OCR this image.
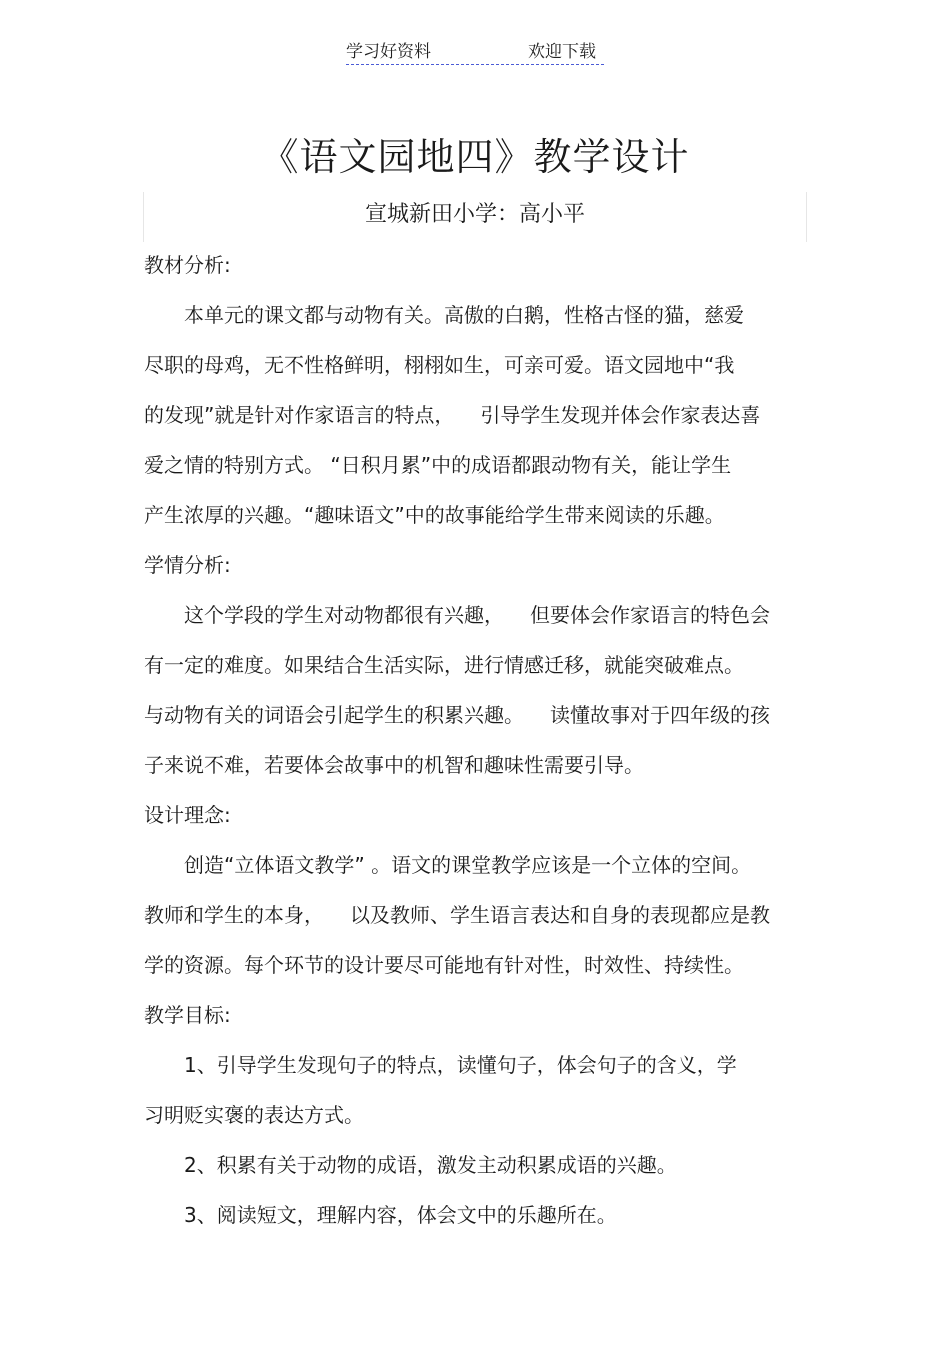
学习好资料	欢迎下载
《语文园地四》教学设计
宣城新田小学：高小平

教材分析:

本单元的课文都与动物有关。高傲的白鹅，性格古怪的猫，慈爱

尽职的母鸡，无不性格鲜明，栩栩如生，可亲可爱。语文园地中“我

的发现”就是针对作家语言的特点， 引导学生发现并体会作家表达喜

爱之情的特别方式。 “日积月累”中的成语都跟动物有关，能让学生

产生浓厚的兴趣。“趣味语文”中的故事能给学生带来阅读的乐趣。

学情分析:

这个学段的学生对动物都很有兴趣， 但要体会作家语言的特色会

有一定的难度。如果结合生活实际，进行情感迁移，就能突破难点。

与动物有关的词语会引起学生的积累兴趣。 读懂故事对于四年级的孩

子来说不难，若要体会故事中的机智和趣味性需要引导。

设计理念:

创造“立体语文教学” 。语文的课堂教学应该是一个立体的空间。

教师和学生的本身， 以及教师、学生语言表达和自身的表现都应是教

学的资源。每个环节的设计要尽可能地有针对性，时效性、持续性。

教学目标:

1、引导学生发现句子的特点，读懂句子，体会句子的含义，学

习明贬实褒的表达方式。

2、积累有关于动物的成语，激发主动积累成语的兴趣。

3、阅读短文，理解内容，体会文中的乐趣所在。
